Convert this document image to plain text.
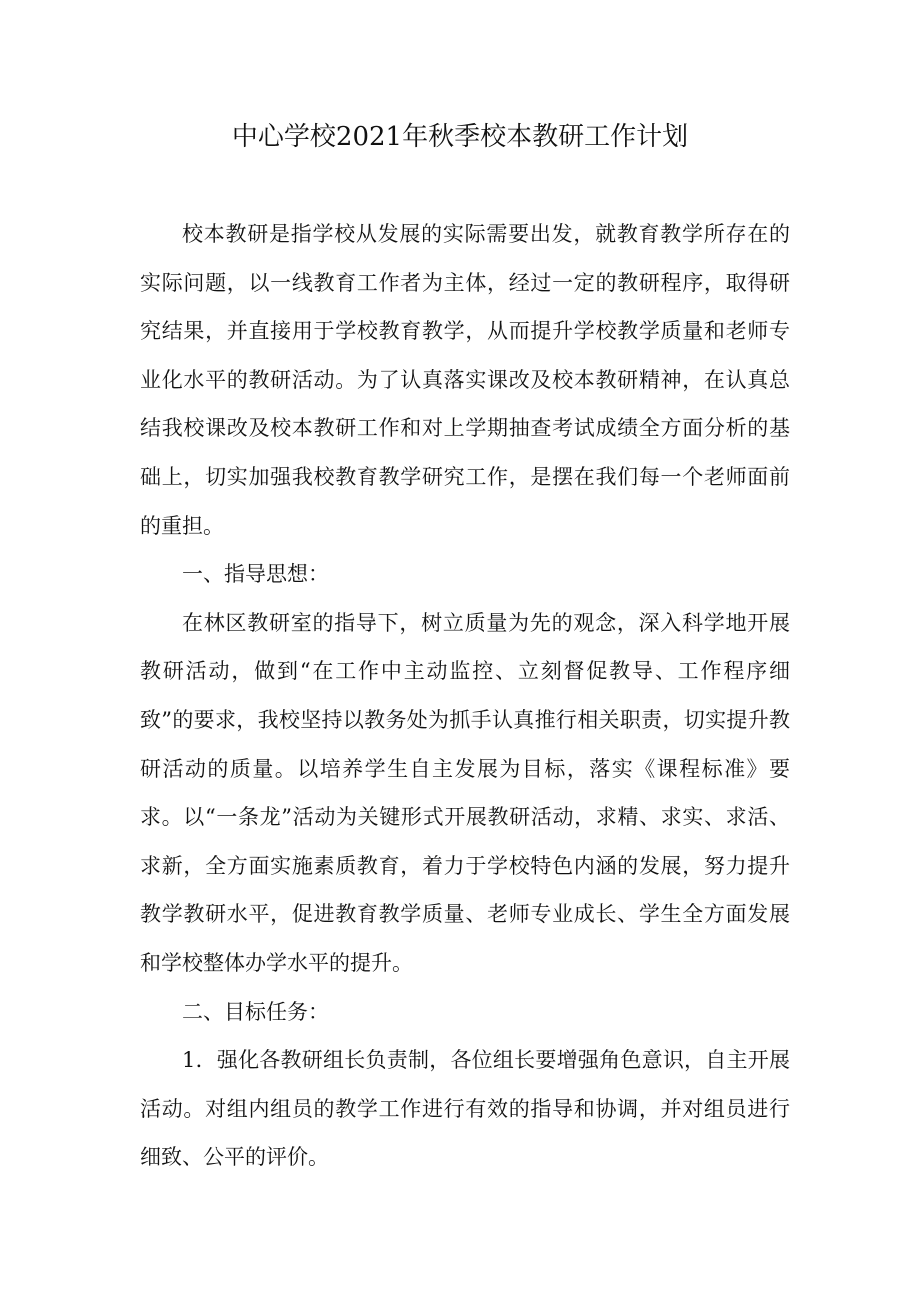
中心学校2021年秋季校本教研工作计划

校本教研是指学校从发展的实际需要出发，就教育教学所存在的实际问题，以一线教育工作者为主体，经过一定的教研程序，取得研究结果，并直接用于学校教育教学，从而提升学校教学质量和老师专业化水平的教研活动。为了认真落实课改及校本教研精神，在认真总结我校课改及校本教研工作和对上学期抽查考试成绩全方面分析的基础上，切实加强我校教育教学研究工作，是摆在我们每一个老师面前的重担。

一、指导思想：

在林区教研室的指导下，树立质量为先的观念，深入科学地开展教研活动，做到“在工作中主动监控、立刻督促教导、工作程序细致”的要求，我校坚持以教务处为抓手认真推行相关职责，切实提升教研活动的质量。以培养学生自主发展为目标，落实《课程标准》要求。以“一条龙”活动为关键形式开展教研活动，求精、求实、求活、求新，全方面实施素质教育，着力于学校特色内涵的发展，努力提升教学教研水平，促进教育教学质量、老师专业成长、学生全方面发展和学校整体办学水平的提升。

二、目标任务：

1．强化各教研组长负责制，各位组长要增强角色意识，自主开展活动。对组内组员的教学工作进行有效的指导和协调，并对组员进行细致、公平的评价。
